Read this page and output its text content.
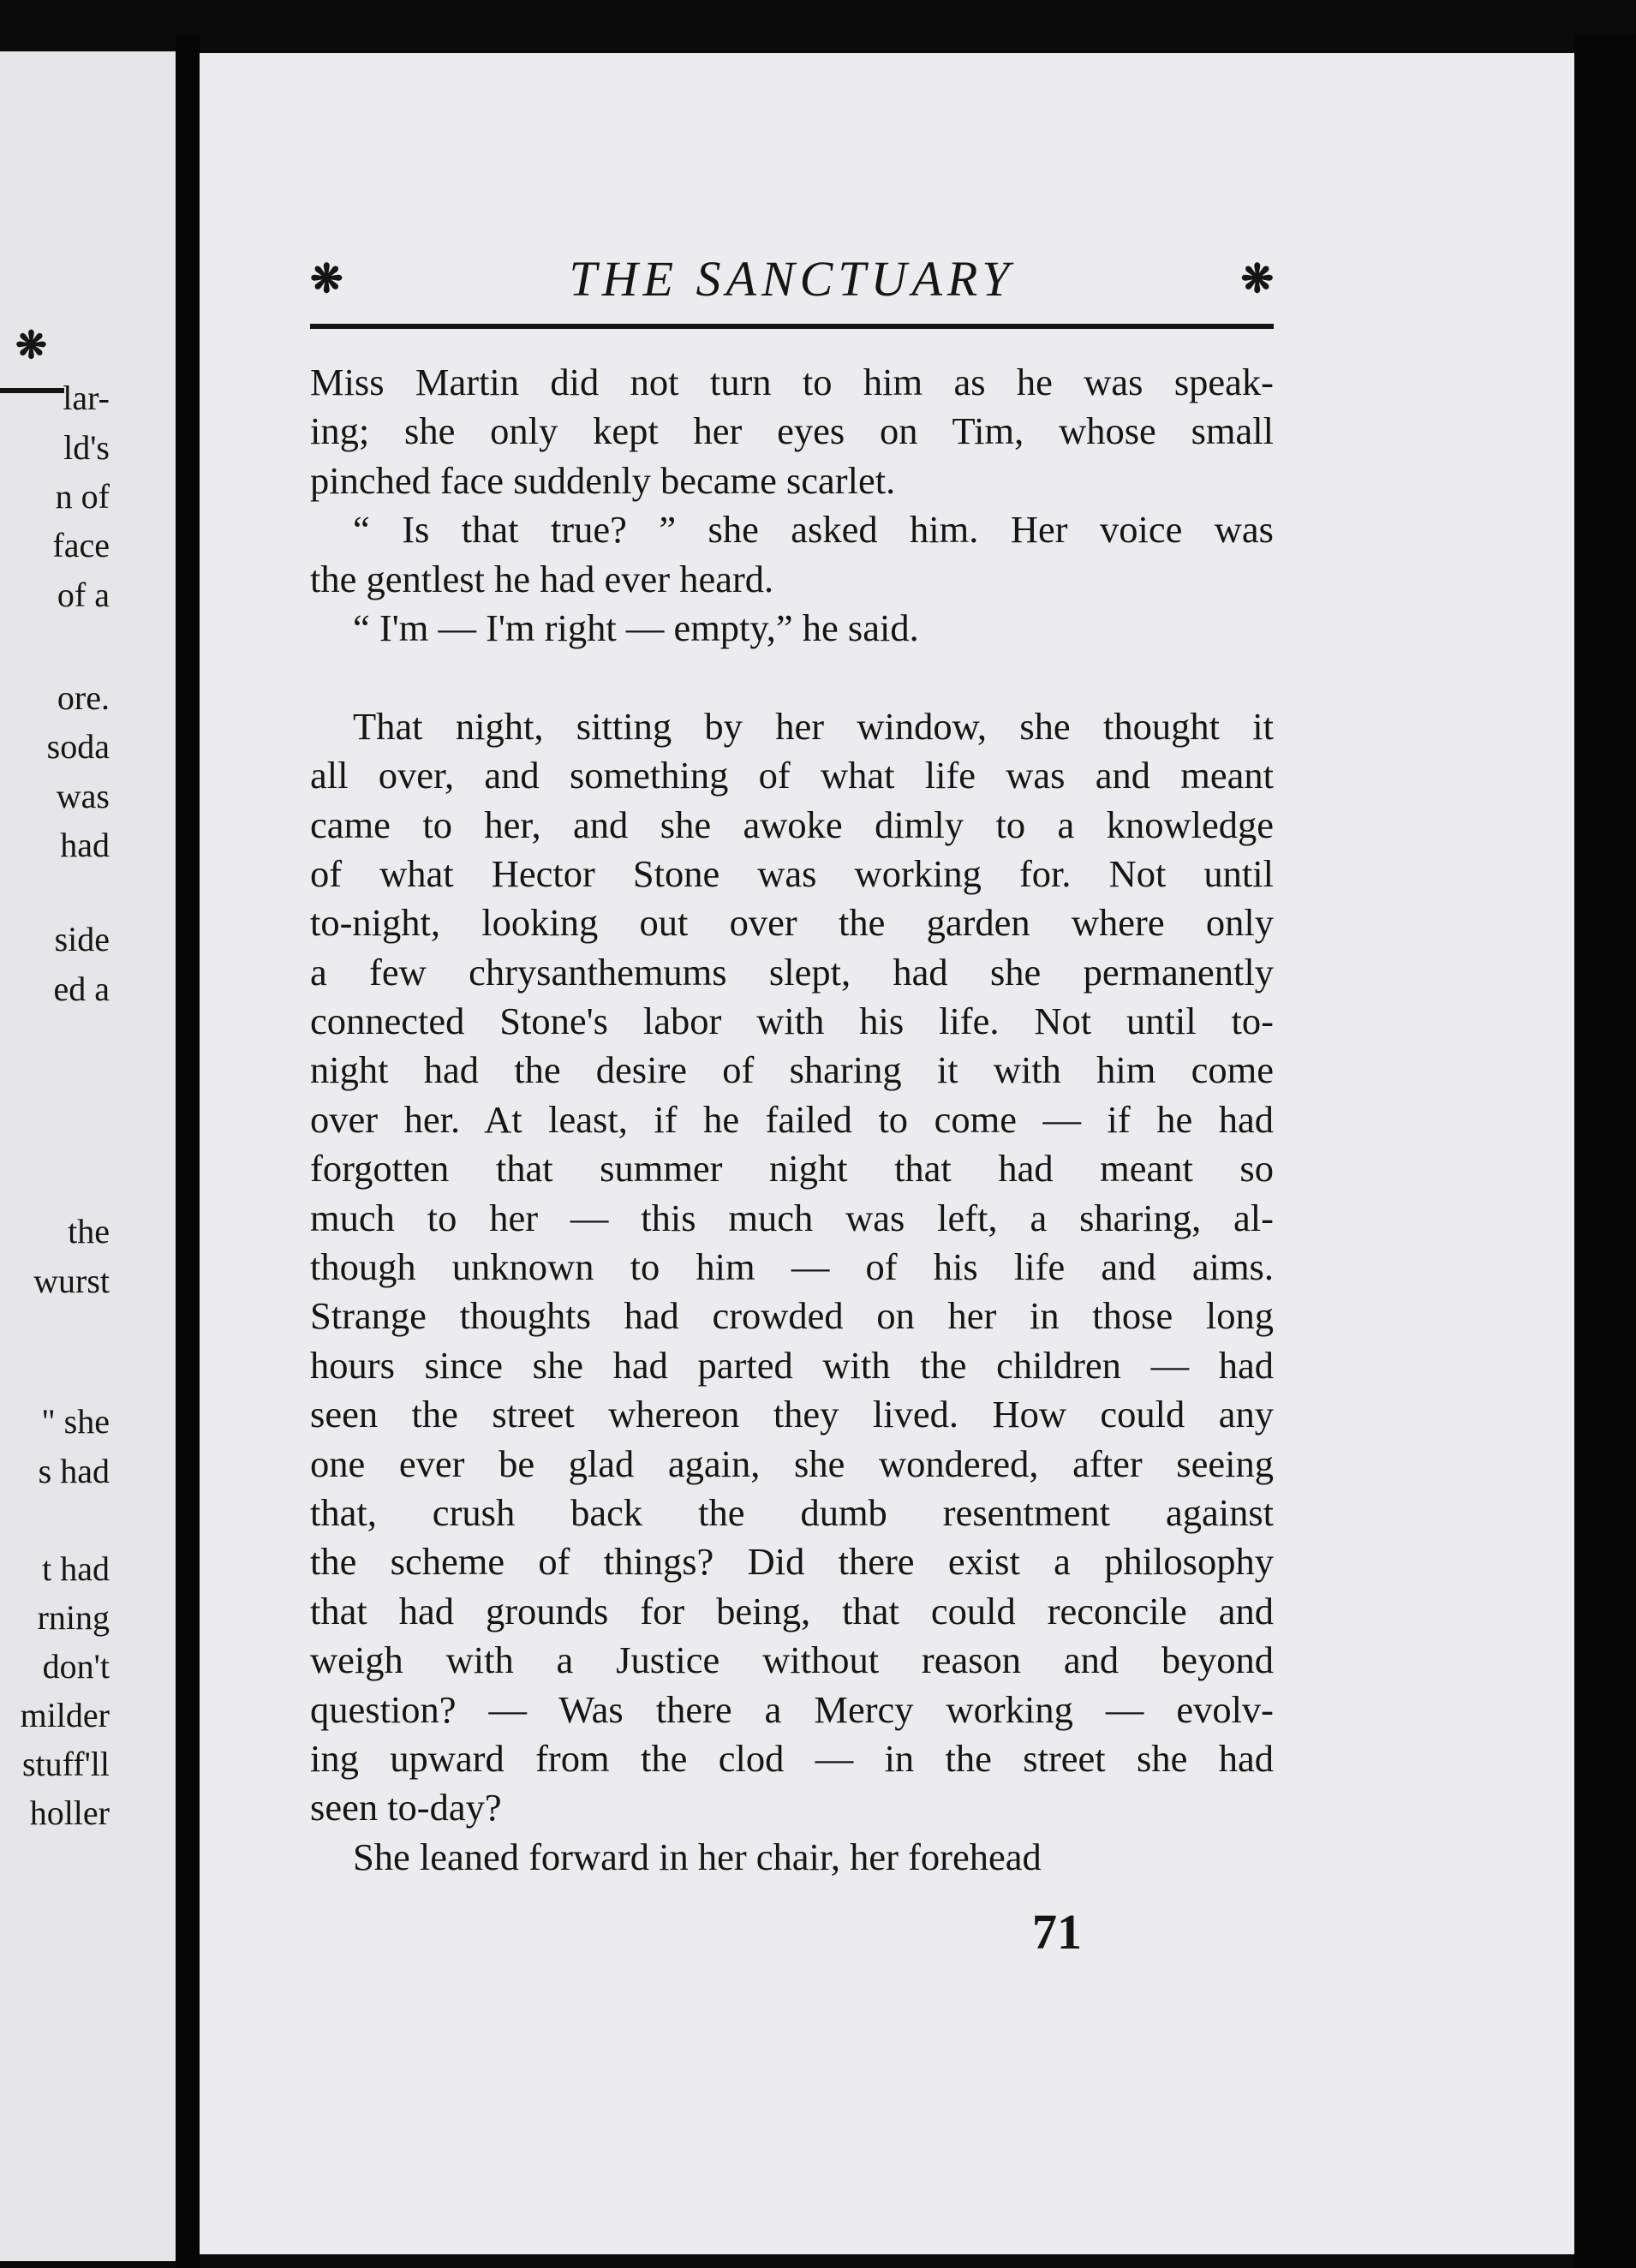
❋
lar-
ld's
n of
face
of a
ore.
soda
was
had
side
ed a
the
wurst
" she
s had
t had
rning
don't
milder
stuff'll
holler
❋	THE SANCTUARY	❋
Miss Martin did not turn to him as he was speak-
ing; she only kept her eyes on Tim, whose small
pinched face suddenly became scarlet.
“ Is that true? ” she asked him. Her voice was
the gentlest he had ever heard.
“ I'm — I'm right — empty,” he said.
That night, sitting by her window, she thought it
all over, and something of what life was and meant
came to her, and she awoke dimly to a knowledge
of what Hector Stone was working for. Not until
to-night, looking out over the garden where only
a few chrysanthemums slept, had she permanently
connected Stone's labor with his life. Not until to-
night had the desire of sharing it with him come
over her. At least, if he failed to come — if he had
forgotten that summer night that had meant so
much to her — this much was left, a sharing, al-
though unknown to him — of his life and aims.
Strange thoughts had crowded on her in those long
hours since she had parted with the children — had
seen the street whereon they lived. How could any
one ever be glad again, she wondered, after seeing
that, crush back the dumb resentment against
the scheme of things? Did there exist a philosophy
that had grounds for being, that could reconcile and
weigh with a Justice without reason and beyond
question? — Was there a Mercy working — evolv-
ing upward from the clod — in the street she had
seen to-day?
She leaned forward in her chair, her forehead
71
